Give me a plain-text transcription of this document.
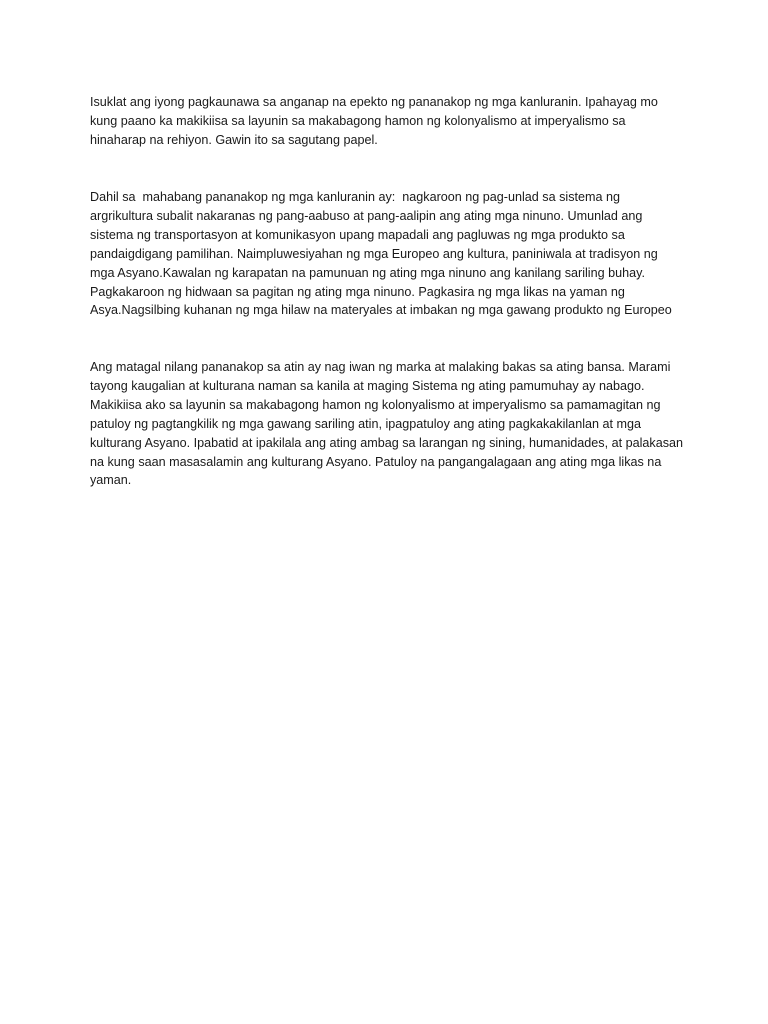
Isuklat ang iyong pagkaunawa sa anganap na epekto ng pananakop ng mga kanluranin. Ipahayag mo
kung paano ka makikiisa sa layunin sa makabagong hamon ng kolonyalismo at imperyalismo sa
hinaharap na rehiyon. Gawin ito sa sagutang papel.

Dahil sa  mahabang pananakop ng mga kanluranin ay:  nagkaroon ng pag-unlad sa sistema ng
argrikultura subalit nakaranas ng pang-aabuso at pang-aalipin ang ating mga ninuno. Umunlad ang
sistema ng transportasyon at komunikasyon upang mapadali ang pagluwas ng mga produkto sa
pandaigdigang pamilihan. Naimpluwesiyahan ng mga Europeo ang kultura, paniniwala at tradisyon ng
mga Asyano.Kawalan ng karapatan na pamunuan ng ating mga ninuno ang kanilang sariling buhay.
Pagkakaroon ng hidwaan sa pagitan ng ating mga ninuno. Pagkasira ng mga likas na yaman ng
Asya.Nagsilbing kuhanan ng mga hilaw na materyales at imbakan ng mga gawang produkto ng Europeo

Ang matagal nilang pananakop sa atin ay nag iwan ng marka at malaking bakas sa ating bansa. Marami
tayong kaugalian at kulturana naman sa kanila at maging Sistema ng ating pamumuhay ay nabago.
Makikiisa ako sa layunin sa makabagong hamon ng kolonyalismo at imperyalismo sa pamamagitan ng
patuloy ng pagtangkilik ng mga gawang sariling atin, ipagpatuloy ang ating pagkakakilanlan at mga
kulturang Asyano. Ipabatid at ipakilala ang ating ambag sa larangan ng sining, humanidades, at palakasan
na kung saan masasalamin ang kulturang Asyano. Patuloy na pangangalagaan ang ating mga likas na
yaman.
